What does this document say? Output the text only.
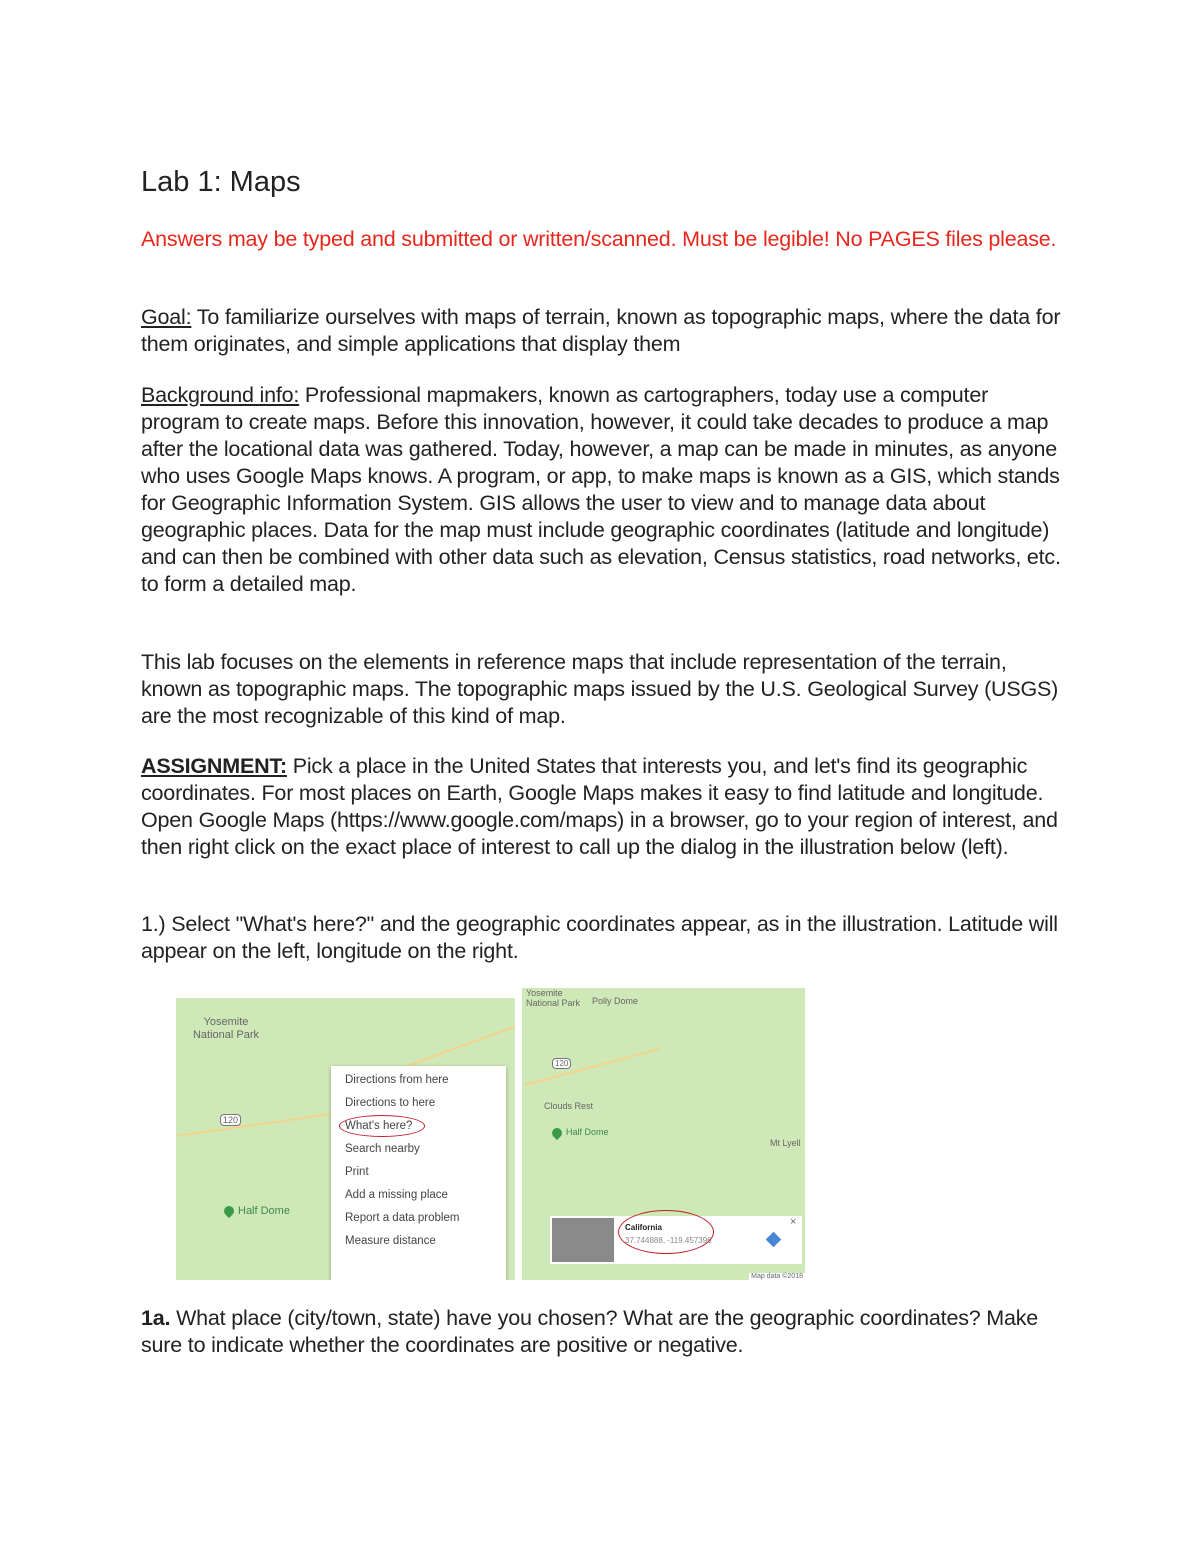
Lab 1: Maps
Answers may be typed and submitted or written/scanned. Must be legible! No PAGES files please.
Goal: To familiarize ourselves with maps of terrain, known as topographic maps, where the data for them originates, and simple applications that display them
Background info: Professional mapmakers, known as cartographers, today use a computer program to create maps. Before this innovation, however, it could take decades to produce a map after the locational data was gathered. Today, however, a map can be made in minutes, as anyone who uses Google Maps knows. A program, or app, to make maps is known as a GIS, which stands for Geographic Information System. GIS allows the user to view and to manage data about geographic places. Data for the map must include geographic coordinates (latitude and longitude) and can then be combined with other data such as elevation, Census statistics, road networks, etc. to form a detailed map.
This lab focuses on the elements in reference maps that include representation of the terrain, known as topographic maps. The topographic maps issued by the U.S. Geological Survey (USGS) are the most recognizable of this kind of map.
ASSIGNMENT: Pick a place in the United States that interests you, and let's find its geographic coordinates. For most places on Earth, Google Maps makes it easy to find latitude and longitude. Open Google Maps (https://www.google.com/maps) in a browser, go to your region of interest, and then right click on the exact place of interest to call up the dialog in the illustration below (left).
1.) Select "What's here?" and the geographic coordinates appear, as in the illustration. Latitude will appear on the left, longitude on the right.
Yosemite National Park
120
Half Dome
Directions from here
Directions to here
What's here?
Search nearby
Print
Add a missing place
Report a data problem
Measure distance
Yosemite National Park	Polly Dome
120
Clouds Rest
Half Dome
Mt Lyell
California
37.744888, -119.457396
×
Map data ©2018
1a. What place (city/town, state) have you chosen? What are the geographic coordinates? Make sure to indicate whether the coordinates are positive or negative.
